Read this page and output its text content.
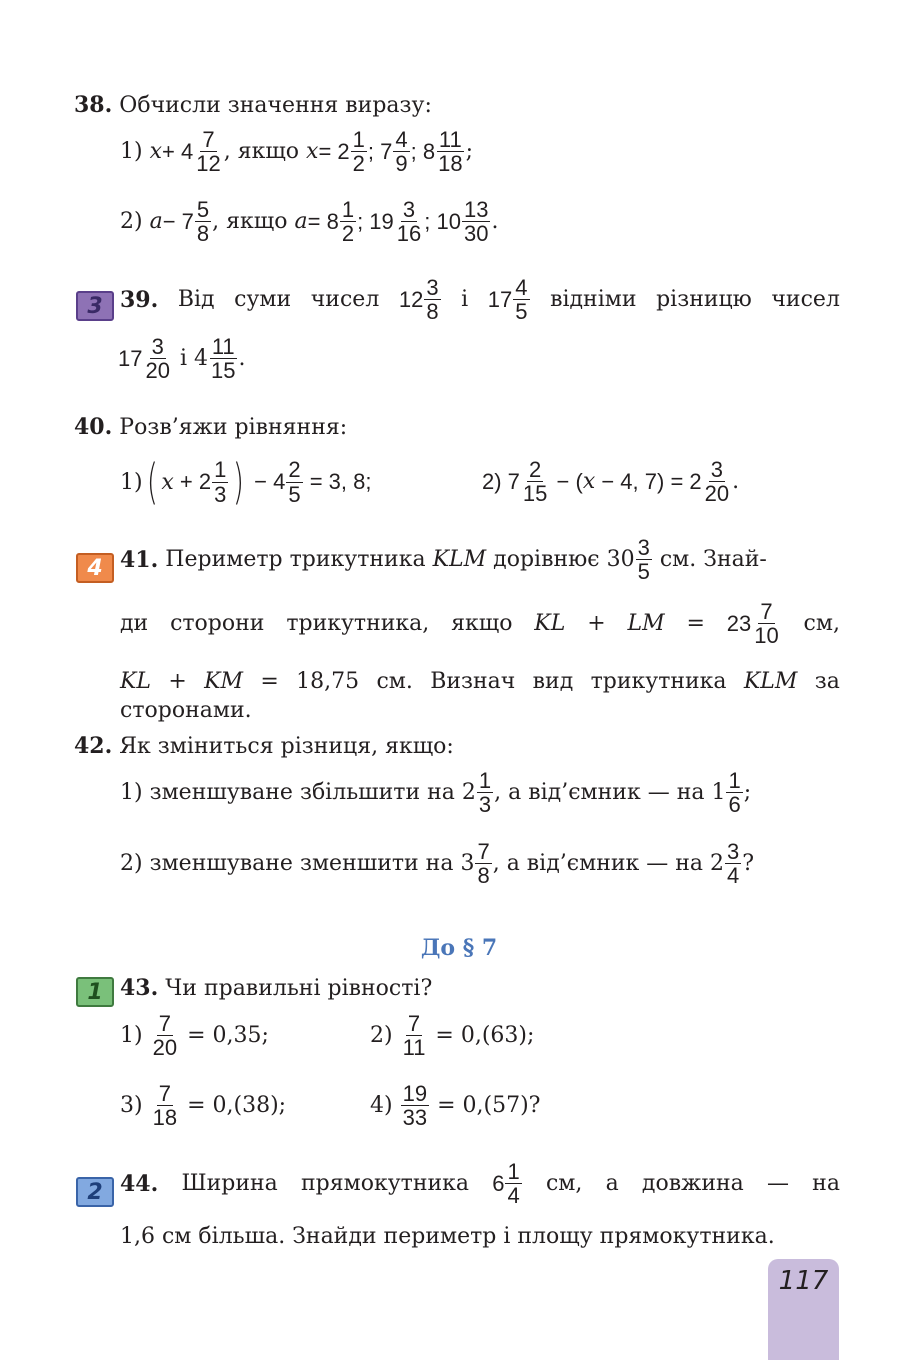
38.
Обчисли значення виразу:
1)
x + 4 7
12 , якщо x = 2 1
2 ; 7 4
9 ; 8 11
18 ;
2)
a − 7 5
8 , якщо a = 8 1
2 ; 19 3
16 ; 10 13
30 .
3 39. Від суми чисел 12 3
8 і 17 4
5 відніми різницю чисел
17 3
20 і 4 11
15 .
40.
Розв’яжи рівняння:
1) ( x + 2 1
3 ) − $4 \frac{2}{5} = 3$, 8;	2) 7 2
15 − ( x − 4, 7) = 2 3
20 .
4 41.
Периметр трикутника KLM дорівнює 30 3
5 см. Знай-
ди сторони трикутника, якщо KL + LM = 23 7
10 см,
KL + KM = 18,75 см. Визнач вид трикутника KLM за
сторонами.
42.
Як зміниться різниця, якщо:
1) зменшуване збільшити на 2 1
3 , а від’ємник — на 1 1
6 ;
2) зменшуване зменшити на 3 7
8 , а від’ємник — на 2 3
4 ?
До § 7
1 43.
Чи правильні рівності?
1)
$\frac{7}{20} = 0,35$;	2)
$\frac{7}{11} = 0,(63)$;
3)
$\frac{7}{18} = 0,(38)$;	4)
$\frac{19}{33} = 0,(57)$?
2 44. Ширина прямокутника 6 1
4 см, а довжина — на
1,6 см більша. Знайди периметр і площу прямокутника.
117
